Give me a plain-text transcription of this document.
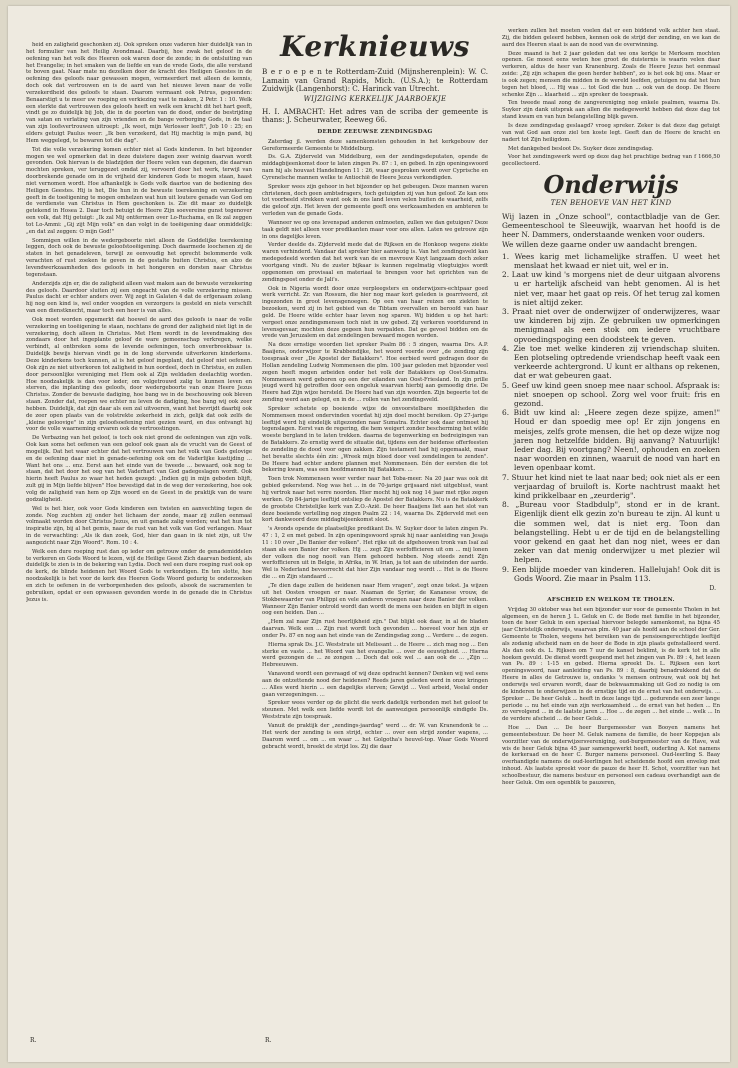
heid en zaligheid geschonken zij. Ook spreken onze vaderen hier duidelijk van in het formulier van het Heilig Avondmaal. Daarbij, hoe zwak het geloof in de oefening van het volk des Heeren ook waren door de zonde; in de ontsluiting van het Evangelie; in het smaken van de liefde en van de vrede Gods, die alle verstand te boven gaat. Naar mate nu dezelken door de kracht des Heiligen Geestes in de oefening des geloofs naar gewassen mogen, vermeerdert met alleen de kennis, doch ook dat vertrouwen en is de aard van het nieuwe leven naar de volle verzekerdheid des geloofs te staan. Daarom vermaant ook Petrus, gegeenden: Benaarstigt u te meer uw roeping en verkiezing vast te maken, 2 Petr. 1 : 10. Welk een sterkte dat vertrouwen des geloofs heeft en welk een kracht dit het hart geeft, vindt ge zo duidelijk bij Job, die in de poorten van de dood, onder de bestrijding van satan en verlating van zijn vrienden en de bange verborging Gods, in de taal van zijn loofsvertrouwen uitroept: „Ik weet, mijn Verlosser leeft", Job 10 : 25; en elders getuigt Paulus weer: „Ik ben verzekerd, dat Hij machtig is mijn pand, bij Hem weggelegd, te bewaren tot die dag".

Tot die volle verzekering komen echter niet al Gods kinderen. In het bijzonder mogen we wel opmerken dat in deze duistere dagen zeer weinig daarvan wordt gevonden. Ook hiervan is de bladzijden der Heere velen van degenen, die daarvan mochten spreken, ver teruggezet omdat zij, vervoerd door het werk, terwijl van doorbrekende genade om in de vrijheid der kinderen Gods te mogen staan, haast niet vernomen wordt. Hoe afhankelijk is Gods volk daartoe van de bediening des Heiligen Geestes. Hij is het, Die hun in de bewuste toerekening en verzekering geeft in de toeëigening te mogen omhelzen wat hun uit loutere genade van God om de verdienste van Christus in Hem geschonken is. Zie dit maar zo duidelijk getekend in Hosea 2. Daar toch betuigt de Heere Zijn soevereine gunst tegenover een volk, dat Hij getuigt: „Ik zal Mij ontfermen over Lo-Ruchama, en Ik zal zeggen tot Lo-Ammi: „Gij zijt Mijn volk" en dan volgt in de toeëigening daar onmiddelijk: „en dat zal zeggen: O mijn God!"

Sommigen willen in de wedergeboorte niet alleen de Goddelijke toerekening leggen, doch ook de bewuste geloofstoeëigening. Doch daarmede loochenen zij de staten in het genadeleven, terwijl ze eenvoudig het oprecht belommerde volk verachten of rust zoeken te geven in de gestalte buiten Christus, en alzo de levendwerkzaamheden des geloofs in het hongeren en dorsten naar Christus tegenstaan.

Anderzijds zijn er, die de zaligheid alleen vast maken aan de bewuste verzekering des geloofs. Daardoor sluiten zij een ongeacht van de volle verzekering missen. Paulus dacht er echter anders over. Wij zegt in Galaten 4 dat de erfgenaam zolang hij nog een kind is, wel onder voogden en verzorgers is gesteld en niets verschilt van een dienstknecht, maar toch een heer is van alles.

Ook moet worden opgemerkt dat hoewel de aard des geloofs is naar de volle verzekering en toeëigening te staan, nochtans de grond der zaligheid niet ligt in de verzekering, doch alleen in Christus. Met Hem wordt in de levendmaking des zondaars door het ingeplante geloof de ware gemeenschap verkregen, welke verbindt, al ontbreken soms de levende oefeningen, toch onverbreekbaar is. Duidelijk bewijs hiervan vindt ge in de long stervende uitverkoren kinderkens. Deze kinderkens toch kunnen, al is het geloof ingeplant, dat geloof niet oefenen. Ook zijn ze niet uitverkoren tot zaligheid in hun oordeel, doch in Christus, en zullen door persoonlijke vereniging met Hem ook al Zijn weldaden deelachtig worden. Hoe noodzakelijk is dan voor ieder, om volgetrouwd zalig te kunnen leven en sterven, die inplanting des geloofs, door wedergeboorte van onze Heere Jezus Christus. Zonder de bewuste dadiging, hoe bang we in de beschouwing ook bleven staan. Zonder dat, roepen we echter nu leven de dadiging, hoe bang wij ook zeer hebben. Duidelijk, dat zijn daar als een zal uitvoeren, want het bevrijdt daarbij ook de zeer open plaats van de volstrekte zekerheid in zich, gelijk dat ook zelfs de „kleine geloovige" in zijn geloofsoefening niet gezien ward, en dus ontvangt hij voor de volle waarneming ervaren ook de vertroostingen.

De Verbazing van het geloof, is toch ook niet grond de oefeningen van zijn volk. Ook kan soms het oefenen van een geloof ook gaan als de vrucht van de Geest of mogelijk. Dat het waar echter dat het vertrouwen van het volk van Gods gelovige en de oefening daar niet in genade-oefening ook om de Vaderlijke kastijding ... Want het ons ... enz. Eerst aan het einde van de tweede ... bewaard, ook nog te staan, dat het door het oog van het Vaderhart van God gadegeslagen wordt. Ook hierin heeft Paulus zo waar het heden gezegd: „Indien gij in mijn geboden blijft, zult gij in Mijn liefde blijven" Hoe bevestigd dat in de weg der verzekering, hoe ook volg de zaligheid van hem op Zijn woord en de Geest in de praktijk van de ware godzaligheid.

Wel is het hier, ook voor Gods kinderen een twisten en aanvechting tegen de zonde. Nog zuchten zij onder het lichaam der zonde, maar zij zullen eenmaal volmaakt worden door Christus Jezus, en uit genade zalig worden; wat het hun tot inspiratie zijn, bij al het gemis, naar de rust van het volk van God verlangen. Maar in de verwachting: „Als ik dan zoek, God, hier dan gaan in ik niet zijn, uit Uw aangezicht naar Zijn Woord". Rom. 10 : 4.

Welk een dure roeping rust dan op ieder om getrouw onder de genademiddelen te verkeren en Gods Woord te lezen, wijl de Heilige Geest Zich daarvan bedient, als duidelijk te zien is in de bekering van Lydia. Doch wel een dure roeping rust ook op de kerk, de blinde heidenen het Woord Gods te verkondigen. En ten slotte, hoe noodzakelijk is het voor de kerk des Heeren Gods Woord gedurig te onderzoeken en zich te oefenen in de verborgenheden des geloofs, alsook de sacramenten te gebruiken, opdat er een opwassen gevonden worde in de genade die in Christus Jezus is.

Kerknieuws

B e r o e p e n te Rotterdam-Zuid (Mijnsherenplein): W. C. Lamain van Grand Rapids, Mich. (U.S.A.); te Rotterdam Zuidwijk (Langenhorst): C. Harinck van Utrecht.

WIJZIGING KERKELIJK JAARBOEKJE

H. I. AMBACHT: Het adres van de scriba der gemeente is thans: J. Scheurwater, Reeweg 66.

DERDE ZEEUWSE ZENDINGSDAG

Zaterdag jl. werden deze samenkomsten gehouden in het kerkgebouw der Gereformeerde Gemeente te Middelburg.

Ds. G.A. Zijderveld van Middelburg, een der zendingsdeputaten, opende de middagbijeenkomst door te laten zingen Ps. 87 : 1, en gebed. In zijn openingswoord nam hij als houvast Handelingen 11 : 26, waar gesproken wordt over Cyprische en Cyreneïsche mannen welke te Antiochië de Heere Jezus verkondigden.

Spreker wees zijn gehoor in het bijzonder op het gebeugen. Deze mannen waren christenen, doch geen ambtsdragers, toch getuigden zij van hun geloof. Ze kan ons tot voorbeeld strekken want ook in ons land leven velen buiten de waarheid, zelfs die geloof zijn. Het leven der gemeente geeft ons werkzaamheden en ambteren te verleden van de genade Gods.

Wanneer we op ons levenspad anderen ontmoeten, zullen we dan getuigen? Deze taak geldt niet alleen voor predikanten maar voor ons allen. Laten we getrouw zijn in ons dagelijks leven.

Verder deelde ds. Zijderveld mede dat de Rijksen en de Honkoop wegens ziekte waren verhinderd. Vandaar dat spreker hier aanwezig is. Van het zendingsveld kan medegedeeld worden dat het werk van de en mevrouw Kuyt langzaam doch zeker voortgang vindt. Nu de zuster bijkaar is kunnen regelmatig vliegtuigjes wordt opgenomen om provisaal en materiaal te brengen voor het oprichten van de zendingspost onder de Jali's.

Ook in Nigeria wordt door onze verpleegsters en onderwijzers-echtpaar goed werk verricht. Zr. van Rossum, die hier nog maar kort geleden is gearriveerd, zit ingezonden in groot levensgenoegen. Op een van haar reizen om ziekten te bezoeken, werd zij in het gebied van de Tibtam overvallen en beroofd van haar geld. De Heere wilde echter haar leven nog sparen. Wij bidden u op het hart: vergeet onze zendingsmensen toch niet in uw gebed. Zij verkeren voortdurend in levensgevaar, mochten deze gegeen hun verpalden. Dat ge gevoel bidden om de vrede van Jeruzalem en dat zendelingen bewaard mogen worden.

Na deze ernstige woorden liet spreker Psalm 86 : 5 zingen, waarna Drs. A.P. Baaijens, onderwijzer te Krabbendijke, het woord voerde over „de zending zijn toespraak over „De Apostel der Batakkers". Hoe eerbied werd gedragen door de Hollan zendeling Ludwig Nommensen die plm. 100 jaar geleden met bijzonder veel zegen heeft mogen arbeiden onder het volk der Batakkers op Oost-Sumatra. Nommensen werd geboren op een der eilanden van Oost-Friesland. In zijn prille jeugd werd hij getroffen door een ongeluk waarvan hierbij aan gemoedig drie. De Heere had Zijn wijze hersteld. De Heere had van zijn woorden. Zijn begeerte tot de zending werd aan gelegd, en in de ... rollen van het zendingsveld.

Spreker schetste op boeiende wijze de onvoorstelbare moeilijkheden die Nommensen moest ondervinden voordat hij zijn doel mocht bereiken. Op 27-jarige leeftijd werd hij eindelijk uitgezonden naar Sumatra. Echter ook daar ontmoet hij tegenslagen. Eerst van de regering, die hem weigert zonder bescherming het wilde woeste bergland in te laten trekken. daarna de tegenwerking en bedreigingen van de Batakkers. Zo ernstig werd de situatie dat, tijdens een der heidense offerfeesten de zendeling de dood voor ogen zakken. Zijn testament had hij opgemaakt, maar het bevatte slechts één zin: „Wreek mijn bloed door veel zendelingen te zenden". De Heere had echter andere plannen met Nommensen. Eén der eersten die tot bekering kwam, was een hoofdmannen bij Batakkers. ...

Toen trok Nommensen weer verder naar het Toba-meer. Na 20 jaar was ook dit gebied gekerstend. Nog was het ... in de 70-jarige grijsaard niet uitgeblust, want hij vertrok naar het verre noorden. Hier mocht hij ook nog 14 jaar met rijke zegen werken. Op 84-jarige leeftijd ontsliep de Apostel der Batakkers. Nu is de Batakkerk de grootste Christelijke kerk van Z.O.-Azië. De heer Baaijens liet aan het slot van deze boeiende vertelling nog zingen Psalm 22 : 14, waarna Ds. Zijderveld met een kort dankwoord deze middagbijeenkomst sloot.

's Avonds opende de plaatselijke predikant Ds. W. Suyker door te laten zingen Ps. 47 : 1, 2 en met gebed. In zijn openingswoord sprak hij naar aanleiding van Jesaja 11 : 10 over „De Banier der volken". Het rijke uit de afgehouwen tronk van Isaï zal staan als een Banier der volken. Hij ... zegt Zijn werfofficieren uit om ... mij lonen der volken die nog nooit van Hem gehoord hebben. Nog steeds zendt Zijn werfofficieren uit in Belgie, in Afrika, in W. Irian, ja tot aan de uiteinden der aarde. Wel is Nederland bevoorrecht dat hier Zijn vandaar nog wordt ... Het is de Heere die ... en Zijn standaard ...

„Te dien dage zullen de heidenen naar Hem vragen", zegt onze tekst. Ja wijzen uit het Oosten vroegen er naar. Naaman de Syrier, de Kananese vrouw, de Stokbewaarder van Philippi en vele anderen vroegen naar deze Banier der volken. Wanneer Zijn Banier ontrold wordt dan wordt de mens een heiden en blijft in eigen oog een heiden. Dan ...

„Hem zal naar Zijn rust heerlijkheid zijn." Dat blijkt ook daar, in al de bladen daarvan. Welk een ... Zijn rust wordt toch gevonden ... hoeveel voor hen zijn er onder Ps. 87 en nog aan het einde van de Zendingsdag zong ... Verdere ... de zegen.

Hierna sprak Ds. J.C. Weststrate uit Melissant ... de Heere ... zich mag nog ... Een sterke en vaste ... het Woord van het evangelie ... over de eeuwigheid. ... Hierna werd gezongen de ... ze zongen ... Doch dat ook wel ... aan ook de ... „Zijn ... Hebreeuwen.

Vanavond wordt een gevraagd of wij deze opdracht kennen? Denken wij wel eens aan de ontzettende nood der heidenen? Reeds jaren geleden werd in onze kringen ... Alles werd hierin ... een dagelijks sterven; Gewijd ... Veel arbeid, Veelal onder gaan verzegeningen. ...

Spreker wees verder op de plicht die werk dadelijk verbonden met het geloof te steunen. Met welk een liefde wordt tot de aanwezigen persoonlijk eindigde Ds. Weststrate zijn toespraak.

Vanuit de praktijk der „zendings-jaardag" werd ... dr. W. van Kranendonk te ... Het werk der zending is een strijd, echter ... over een strijd zonder wapens, ... Daarom werd ... om ... en waar ... het Golgotha's heuvel-top. Waar Gods Woord gebracht wordt, breekt de strijd los. Zij die daar

werken zullen het moeten voelen dat er een biddend volk achter hen staat. Zij, die bidden geleerd hebben, kennen ook de strijd der zending, en we kan de aard des Heeren staat is aan de nood van de overwinning.

Deze maand is het 2 jaar geleden dat we ons kerkje te Merksem mochten openen. Ge moest eens weten hoe groot de duisternis is waarin velen daar verkeren, aldus de heer van Kranenburg. Zoals de Heere Jezus het eenmaal zeide: „Zij zijn schapen die geen herder hebben", zo is het ook bij ons. Maar er is ook zegen; mensen die midden in de wereld leefden, getuigen nu dat het hun tegen het bloed, ... Hij was ... tot God die hun ... ook van de doop. De Heere schenke Zijn ... klaarheid ... zijn spreker de toespraak.

Ten tweede maal zong de zangvereniging nog enkele psalmen, waarna Ds. Suyker zijn dank uitsprak aan allen die medegewerkt hebben dat deze dag tot stand kwam en van hun belangstelling blijk gaven.

Is deze zendingsdag geslaagd? vroeg spreker. Zeker is dat deze dag getuigt van wat God aan onze ziel ten koste legt. Geeft dan de Heere de kracht en nadert tot Zijn heiligdom.

Met dankgebed besloot Ds. Suyker deze zendingsdag.

Voor het zendingswerk werd op deze dag het prachtige bedrag van f 1666,50 gecollecteerd.

Onderwijs
TEN BEHOEVE VAN HET KIND

Wij lazen in „Onze school", contactbladje van de Ger. Gemeenteschool te Sleeuwijk, waarvan het hoofd is de heer N. Dammers, onderstaande wenken voor ouders.

We willen deze gaarne onder uw aandacht brengen.

1. Wees karig met lichamelijke straffen. U weet het menslaat het kwaad er niet uit, wel er in.
2. Laat uw kind 's morgens niet de deur uitgaan alvorens u er hartelijk afscheid van hebt genomen. Al is het niet ver, maar het gaat op reis. Of het terug zal komen is niet altijd zeker.
3. Praat niet over de onderwijzer of onderwijzeres, waar uw kinderen bij zijn. Ze gebruiken uw opmerkingen menigmaal als een stok om iedere vruchtbare opvoedingspoging een doodsteek te geven.
4. Zie toe met welke kinderen zij vriendschap sluiten. Een plotseling optredende vriendschap heeft vaak een verkeerde achtergrond. U kunt er althans op rekenen, dat er wat gebeuren gaat.
5. Geef uw kind geen snoep mee naar school. Afspraak is: niet snoepen op school. Zorg wel voor fruit: fris en gezond.
6. Bidt uw kind al: „Heere zegen deze spijze, amen!" Houd er dan spoedig mee op! Er zijn jongens en meisjes, zelfs grote mensen, die het op deze wijze nog jaren nog hetzelfde bidden. Bij aanvang? Natuurlijk! Ieder dag. Bij voortgang? Neen!, ophouden en zoeken naar woorden en zinnen, waaruit de nood van hart en leven openbaar komt.
7. Stuur het kind niet te laat naar bed; ook niet als er een verjaardag of bruiloft is. Korte nachtrust maakt het kind prikkelbaar en „zeurderig".
8. „Bureau voor Stadbdulp", stond er in de krant. Eigenlijk dient elk gezin zo'n bureau te zijn. Al kunt u die sommen wel, dat is niet erg. Toon dan belangstelling. Hebt u er de tijd en de belangstelling voor gekend en gaat het dan nog niet, wees er dan zeker van dat menig onderwijzer u met plezier wil helpen.
9. Een blijde moeder van kinderen. Hallelujah! Ook dit is Gods Woord. Zie maar in Psalm 113.
D.
AFSCHEID EN WELKOM TE THOLEN.

Vrijdag 30 oktober was het een bijzonder uur voor de gemeente Tholen in het algemeen, en de heren J. L. Geluk en C. de Bode met familie in het bijzonder, toen de heer Geluk in een speciaal hiervoor belegde samenkomst, na bijna 45 jaar Christelijk onderwijs, waarvan plm. 40 jaar als hoofd aan de school der Ger. Gemeente te Tholen, wegens het bereiken van de pensioengerechtigde leeftijd als zodanig afscheid nam en de heer de Bode in zijn plaats geïnstalleerd werd. Als dan ook ds. L. Rijksen om 7 uur de kansel beklimt, is de kerk tot in alle hoeken gevuld. De dienst wordt geopend met het zingen van Ps. 89 : 4, het lezen van Ps. 89 : 1-15 en gebed. Hierna spreekt Ds. L. Rijksen een kort openingswoord, naar aanleiding van Ps. 89 : 8, daarbij benadrukkend dat de Heere in alles de Getrouwe is, ondanks 's mensen ontrouw, wat ook bij het onderwijs wel ervaren wordt, daar de bekwaammaking uit God zo nodig is om de kinderen te onderwijzen in de ernstige tijd en de ernst van het onderwijs. ... Spreker ... De heer Geluk ... heeft in deze lange tijd ... gedurende een zeer lange periode ... nu het einde van zijn werkzaamheid ... de ernst van het heden ... En zo vervolgend ... in de laatste jaren ... Hoe ... de zegen ... het einde ... welk ... In de verdere afscheid ... de heer Geluk ...

Hoe ... Dan ... De heer Burgemeester van Booyen namens het gemeentebestuur. De heer M. Geluk namens de familie, de heer Koppejan als voorzitter van de onderwijzersvereniging, oud-burgemeester van de Have, wat wis de heer Geluk bijna 45 jaar samengewerkt heeft, ouderling A. Kot namens de kerkeraad en de heer C. Burger namens personeel. Oud-leerling S. Baay overhandigde namens de oud-leerlingen het scheidende hoofd een envelop met inhoud. Als laatste spreekt voor de pauze de heer H. Schot, voorzitter van het schoolbestuur, die namens bestuur en personeel een cadeau overhandigt aan de heer Geluk. Om een ogenblik te pauzeren,

R.	R.
